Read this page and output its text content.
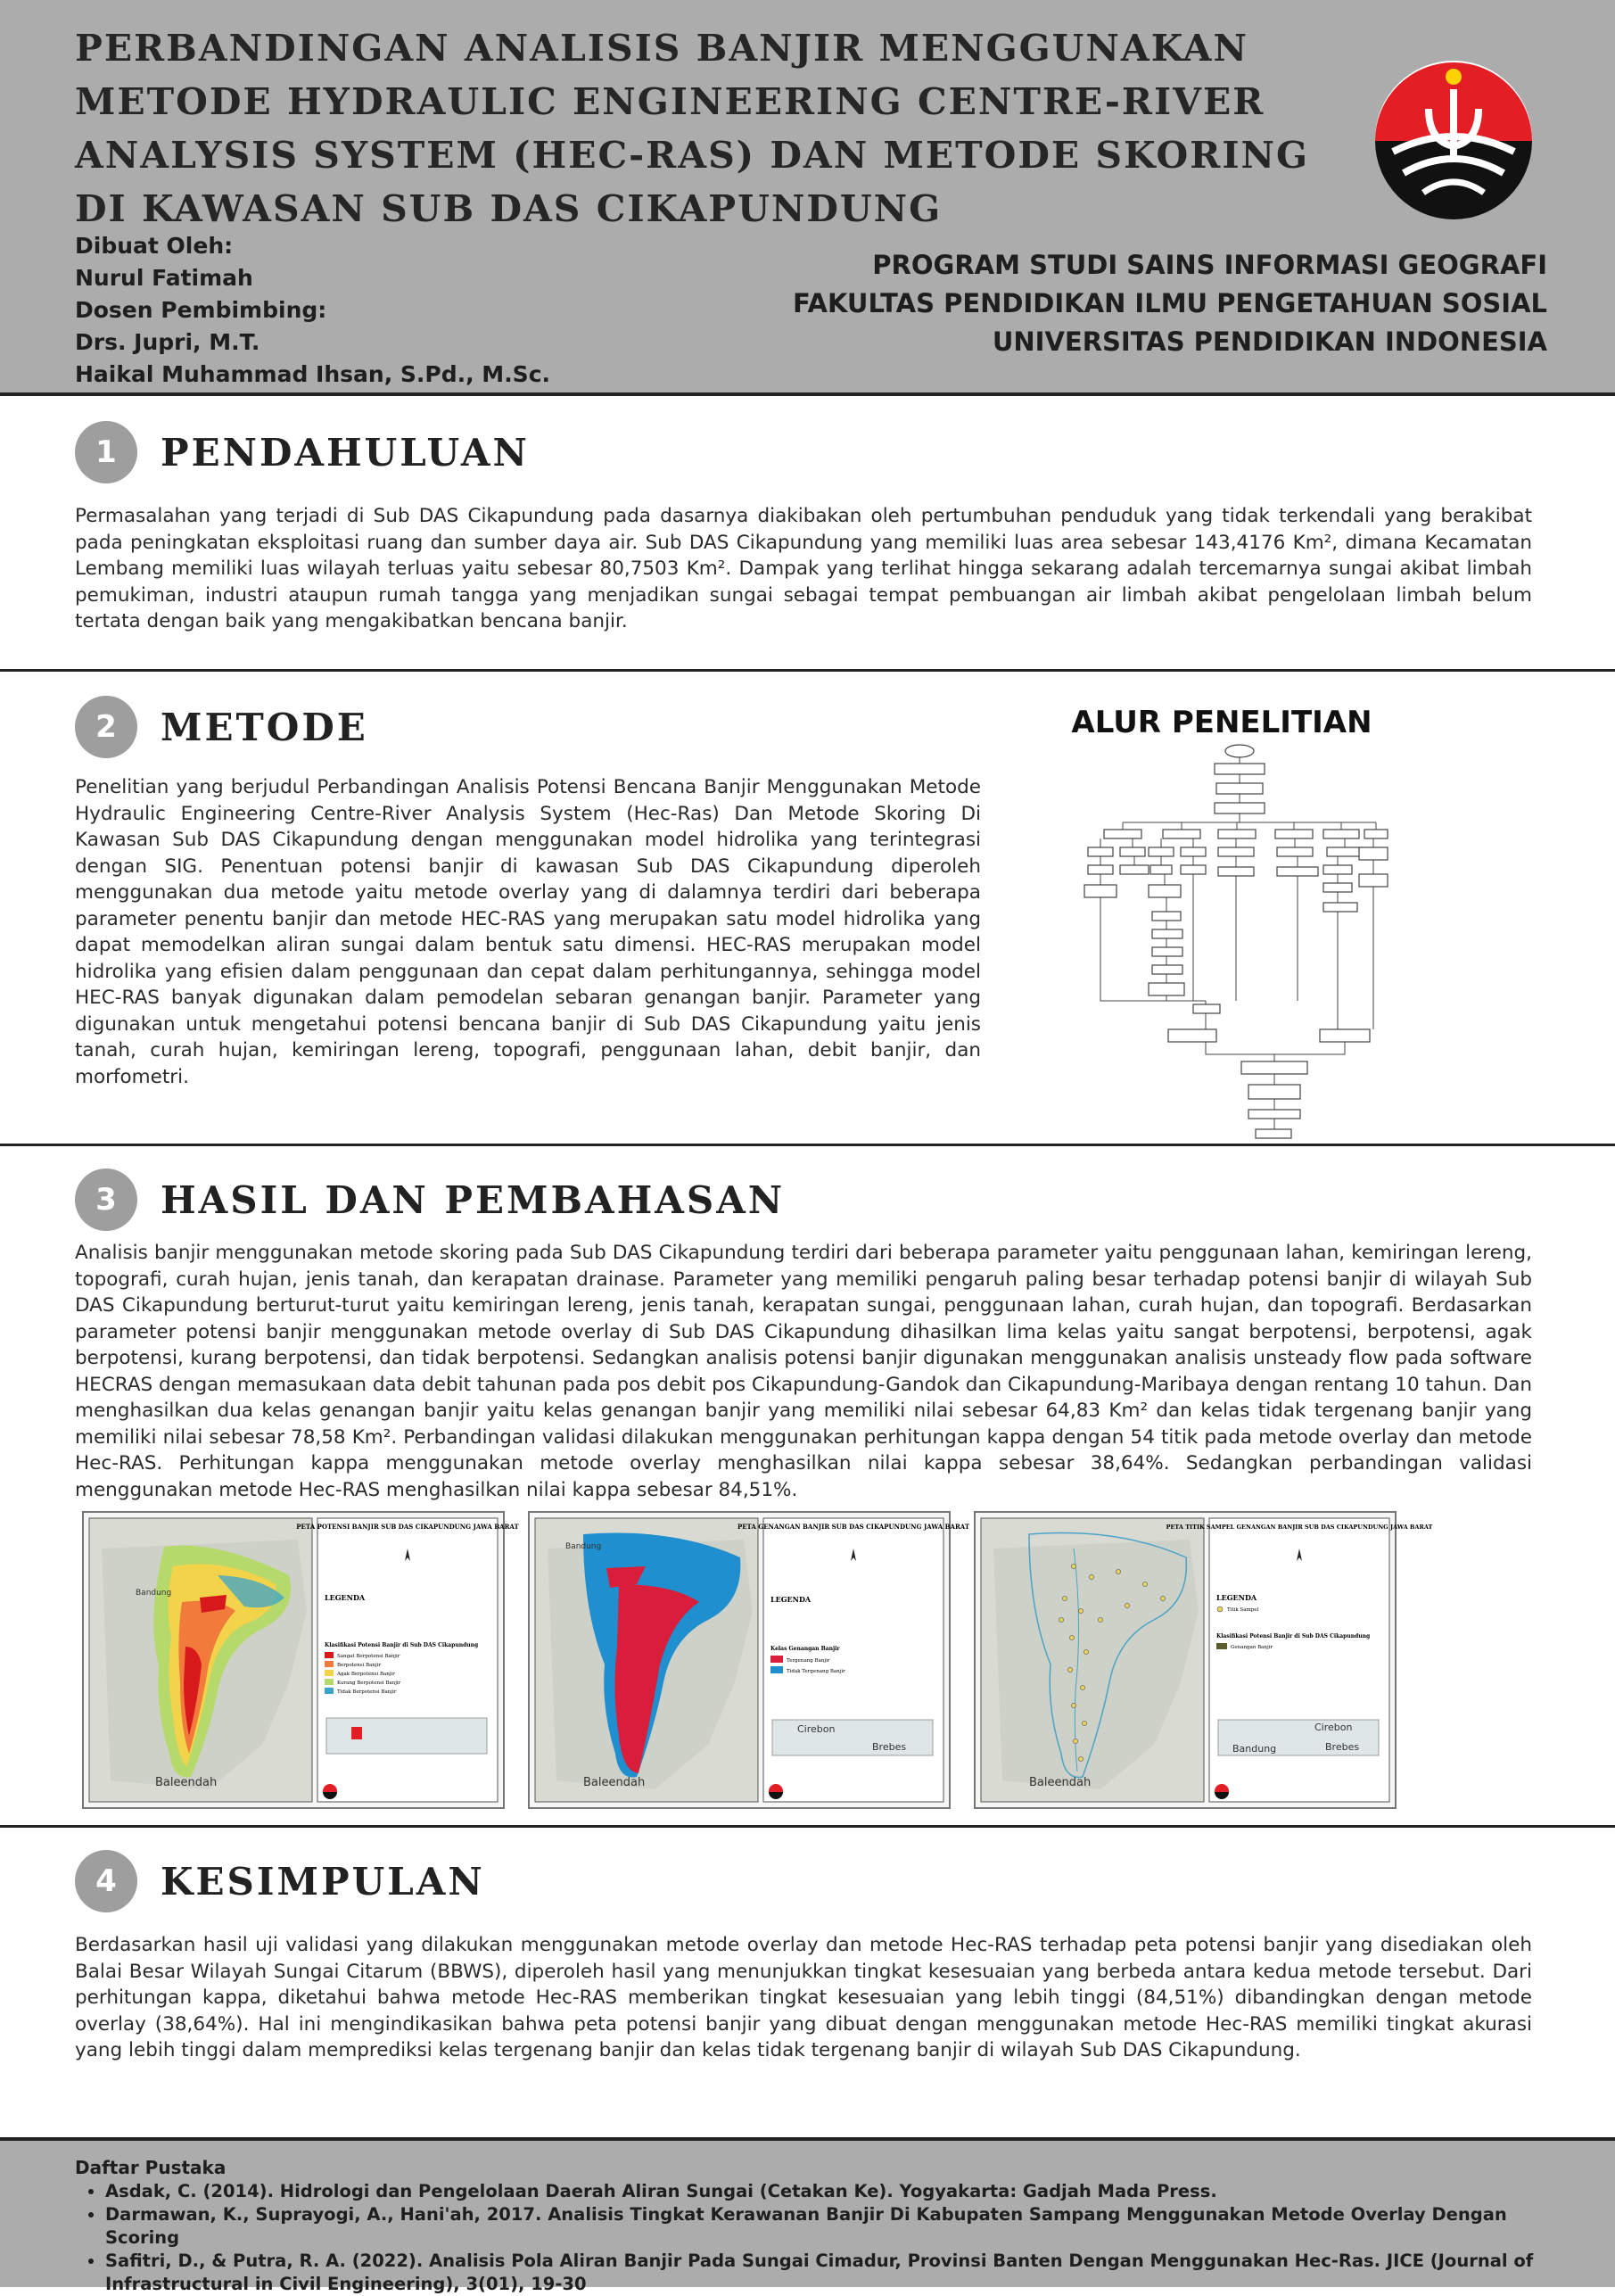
PERBANDINGAN ANALISIS BANJIR MENGGUNAKAN METODE HYDRAULIC ENGINEERING CENTRE-RIVER ANALYSIS SYSTEM (HEC-RAS) DAN METODE SKORING DI KAWASAN SUB DAS CIKAPUNDUNG
Dibuat Oleh:
Nurul Fatimah
Dosen Pembimbing:
Drs. Jupri, M.T.
Haikal Muhammad Ihsan, S.Pd., M.Sc.
PROGRAM STUDI SAINS INFORMASI GEOGRAFI
FAKULTAS PENDIDIKAN ILMU PENGETAHUAN SOSIAL
UNIVERSITAS PENDIDIKAN INDONESIA
1	PENDAHULUAN

Permasalahan yang terjadi di Sub DAS Cikapundung pada dasarnya diakibakan oleh pertumbuhan penduduk yang tidak terkendali yang berakibat pada peningkatan eksploitasi ruang dan sumber daya air. Sub DAS Cikapundung yang memiliki luas area sebesar 143,4176 Km², dimana Kecamatan Lembang memiliki luas wilayah terluas yaitu sebesar 80,7503 Km². Dampak yang terlihat hingga sekarang adalah tercemarnya sungai akibat limbah pemukiman, industri ataupun rumah tangga yang menjadikan sungai sebagai tempat pembuangan air limbah akibat pengelolaan limbah belum tertata dengan baik yang mengakibatkan bencana banjir.

2	METODE

Penelitian yang berjudul Perbandingan Analisis Potensi Bencana Banjir Menggunakan Metode Hydraulic Engineering Centre-River Analysis System (Hec-Ras) Dan Metode Skoring Di Kawasan Sub DAS Cikapundung dengan menggunakan model hidrolika yang terintegrasi dengan SIG. Penentuan potensi banjir di kawasan Sub DAS Cikapundung diperoleh menggunakan dua metode yaitu metode overlay yang di dalamnya terdiri dari beberapa parameter penentu banjir dan metode HEC-RAS yang merupakan satu model hidrolika yang dapat memodelkan aliran sungai dalam bentuk satu dimensi. HEC-RAS merupakan model hidrolika yang efisien dalam penggunaan dan cepat dalam perhitungannya, sehingga model HEC-RAS banyak digunakan dalam pemodelan sebaran genangan banjir. Parameter yang digunakan untuk mengetahui potensi bencana banjir di Sub DAS Cikapundung yaitu jenis tanah, curah hujan, kemiringan lereng, topografi, penggunaan lahan, debit banjir, dan morfometri.

ALUR PENELITIAN
3	HASIL DAN PEMBAHASAN

Analisis banjir menggunakan metode skoring pada Sub DAS Cikapundung terdiri dari beberapa parameter yaitu penggunaan lahan, kemiringan lereng, topografi, curah hujan, jenis tanah, dan kerapatan drainase. Parameter yang memiliki pengaruh paling besar terhadap potensi banjir di wilayah Sub DAS Cikapundung berturut-turut yaitu kemiringan lereng, jenis tanah, kerapatan sungai, penggunaan lahan, curah hujan, dan topografi. Berdasarkan parameter potensi banjir menggunakan metode overlay di Sub DAS Cikapundung dihasilkan lima kelas yaitu sangat berpotensi, berpotensi, agak berpotensi, kurang berpotensi, dan tidak berpotensi. Sedangkan analisis potensi banjir digunakan menggunakan analisis unsteady flow pada software HECRAS dengan memasukaan data debit tahunan pada pos debit pos Cikapundung-Gandok dan Cikapundung-Maribaya dengan rentang 10 tahun. Dan menghasilkan dua kelas genangan banjir yaitu kelas genangan banjir yang memiliki nilai sebesar 64,83 Km² dan kelas tidak tergenang banjir yang memiliki nilai sebesar 78,58 Km². Perbandingan validasi dilakukan menggunakan perhitungan kappa dengan 54 titik pada metode overlay dan metode Hec-RAS. Perhitungan kappa menggunakan metode overlay menghasilkan nilai kappa sebesar 38,64%. Sedangkan perbandingan validasi menggunakan metode Hec-RAS menghasilkan nilai kappa sebesar 84,51%.

Bandung
Baleendah
PETA POTENSI BANJIR SUB DAS CIKAPUNDUNG JAWA BARAT
LEGENDA
Klasifikasi Potensi Banjir di Sub DAS Cikapundung
Sangat Berpotensi Banjir
Berpotensi Banjir
Agak Berpotensi Banjir
Kurang Berpotensi Banjir
Tidak Berpotensi Banjir
Bandung
Baleendah
PETA GENANGAN BANJIR SUB DAS CIKAPUNDUNG JAWA BARAT
LEGENDA
Kelas Genangan Banjir
Tergenang Banjir
Tidak Tergenang Banjir
Cirebon
Brebes
Baleendah
PETA TITIK SAMPEL GENANGAN BANJIR SUB DAS CIKAPUNDUNG JAWA BARAT
LEGENDA
Klasifikasi Potensi Banjir di Sub DAS Cikapundung
Titik Sampel
Genangan Banjir
Cirebon
Bandung	Brebes
4	KESIMPULAN

Berdasarkan hasil uji validasi yang dilakukan menggunakan metode overlay dan metode Hec-RAS terhadap peta potensi banjir yang disediakan oleh Balai Besar Wilayah Sungai Citarum (BBWS), diperoleh hasil yang menunjukkan tingkat kesesuaian yang berbeda antara kedua metode tersebut. Dari perhitungan kappa, diketahui bahwa metode Hec-RAS memberikan tingkat kesesuaian yang lebih tinggi (84,51%) dibandingkan dengan metode overlay (38,64%). Hal ini mengindikasikan bahwa peta potensi banjir yang dibuat dengan menggunakan metode Hec-RAS memiliki tingkat akurasi yang lebih tinggi dalam memprediksi kelas tergenang banjir dan kelas tidak tergenang banjir di wilayah Sub DAS Cikapundung.

Daftar Pustaka
• Asdak, C. (2014). Hidrologi dan Pengelolaan Daerah Aliran Sungai (Cetakan Ke). Yogyakarta: Gadjah Mada Press.
• Darmawan, K., Suprayogi, A., Hani'ah, 2017. Analisis Tingkat Kerawanan Banjir Di Kabupaten Sampang Menggunakan Metode Overlay Dengan Scoring
• Safitri, D., & Putra, R. A. (2022). Analisis Pola Aliran Banjir Pada Sungai Cimadur, Provinsi Banten Dengan Menggunakan Hec-Ras. JICE (Journal of Infrastructural in Civil Engineering), 3(01), 19-30
